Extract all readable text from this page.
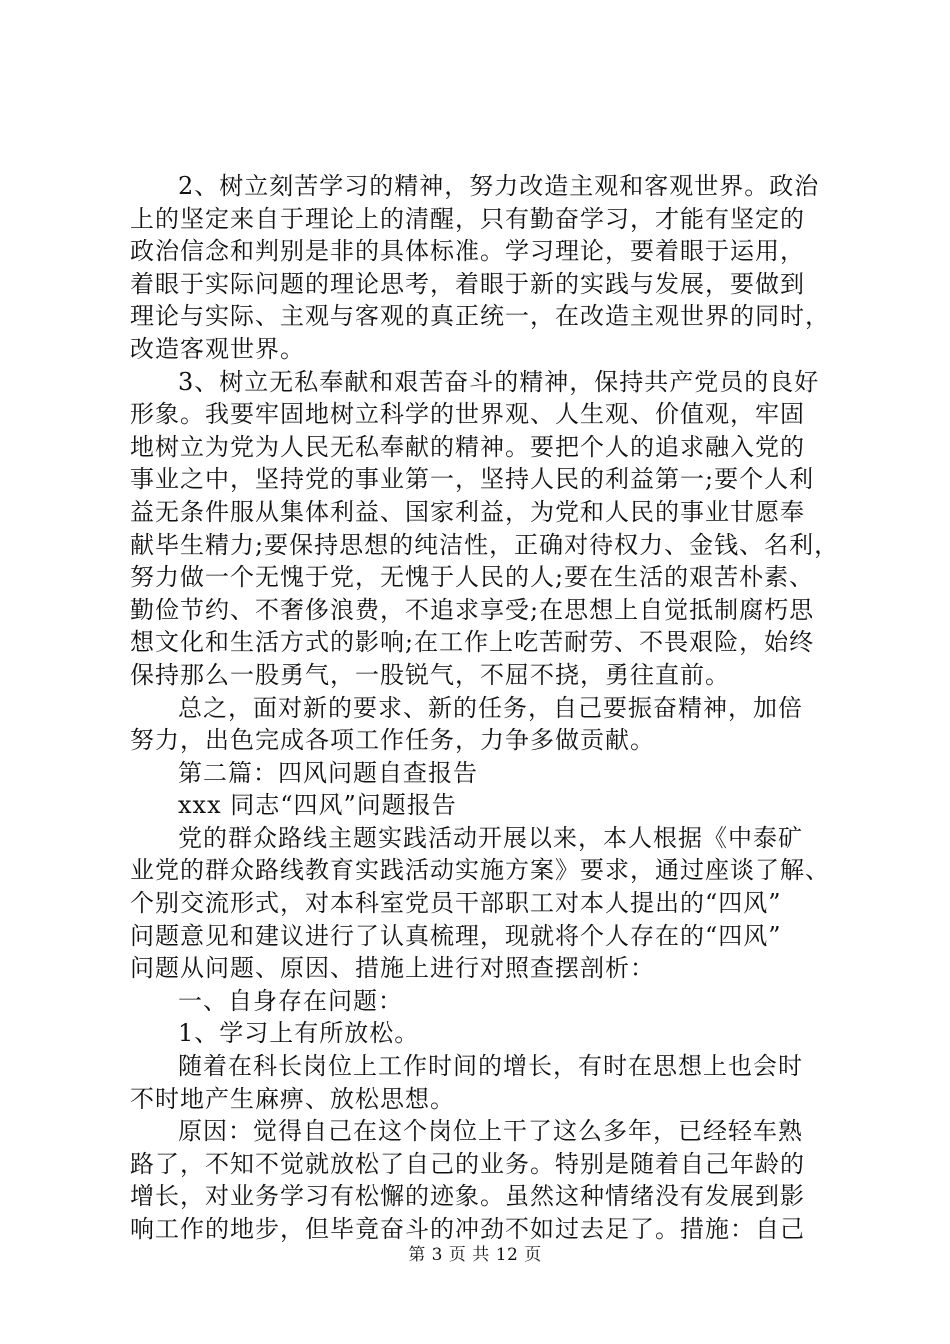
2、树立刻苦学习的精神，努力改造主观和客观世界。政治
上的坚定来自于理论上的清醒，只有勤奋学习，才能有坚定的
政治信念和判别是非的具体标准。学习理论，要着眼于运用，
着眼于实际问题的理论思考，着眼于新的实践与发展，要做到
理论与实际、主观与客观的真正统一，在改造主观世界的同时，
改造客观世界。
3、树立无私奉献和艰苦奋斗的精神，保持共产党员的良好
形象。我要牢固地树立科学的世界观、人生观、价值观，牢固
地树立为党为人民无私奉献的精神。要把个人的追求融入党的
事业之中，坚持党的事业第一，坚持人民的利益第一;要个人利
益无条件服从集体利益、国家利益，为党和人民的事业甘愿奉
献毕生精力;要保持思想的纯洁性，正确对待权力、金钱、名利，
努力做一个无愧于党，无愧于人民的人;要在生活的艰苦朴素、
勤俭节约、不奢侈浪费，不追求享受;在思想上自觉抵制腐朽思
想文化和生活方式的影响;在工作上吃苦耐劳、不畏艰险，始终
保持那么一股勇气，一股锐气，不屈不挠，勇往直前。
总之，面对新的要求、新的任务，自己要振奋精神，加倍
努力，出色完成各项工作任务，力争多做贡献。
第二篇：四风问题自查报告
xxx 同志“四风”问题报告
党的群众路线主题实践活动开展以来，本人根据《中泰矿
业党的群众路线教育实践活动实施方案》要求，通过座谈了解、
个别交流形式，对本科室党员干部职工对本人提出的“四风”
问题意见和建议进行了认真梳理，现就将个人存在的“四风”
问题从问题、原因、措施上进行对照查摆剖析：
一、自身存在问题：
1、学习上有所放松。
随着在科长岗位上工作时间的增长，有时在思想上也会时
不时地产生麻痹、放松思想。
原因：觉得自己在这个岗位上干了这么多年，已经轻车熟
路了，不知不觉就放松了自己的业务。特别是随着自己年龄的
增长，对业务学习有松懈的迹象。虽然这种情绪没有发展到影
响工作的地步，但毕竟奋斗的冲劲不如过去足了。措施：自己
第 3 页 共 12 页
